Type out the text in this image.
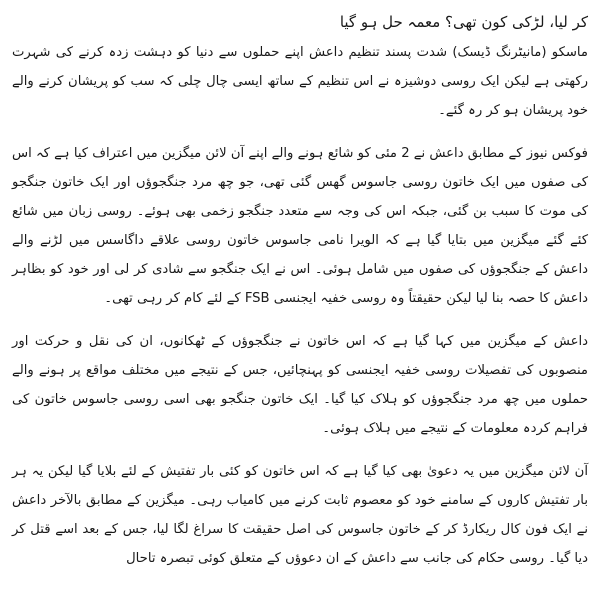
کر لیا، لڑکی کون تھی؟ معمہ حل ہو گیا

ماسکو (مانیٹرنگ ڈیسک) شدت پسند تنظیم داعش اپنے حملوں سے دنیا کو دہشت زدہ کرنے کی شہرت رکھتی ہے لیکن ایک روسی دوشیزہ نے اس تنظیم کے ساتھ ایسی چال چلی کہ سب کو پریشان کرنے والے خود پریشان ہو کر رہ گئے۔

فوکس نیوز کے مطابق داعش نے 2 مئی کو شائع ہونے والے اپنے آن لائن میگزین میں اعتراف کیا ہے کہ اس کی صفوں میں ایک خاتون روسی جاسوس گھس گئی تھی، جو چھ مرد جنگجوؤں اور ایک خاتون جنگجو کی موت کا سبب بن گئی، جبکہ اس کی وجہ سے متعدد جنگجو زخمی بھی ہوئے۔ روسی زبان میں شائع کئے گئے میگزین میں بتایا گیا ہے کہ الویرا نامی جاسوس خاتون روسی علاقے داگاسس میں لڑنے والے داعش کے جنگجوؤں کی صفوں میں شامل ہوئی۔ اس نے ایک جنگجو سے شادی کر لی اور خود کو بظاہر داعش کا حصہ بنا لیا لیکن حقیقتاً وہ روسی خفیہ ایجنسی FSB کے لئے کام کر رہی تھی۔

داعش کے میگزین میں کہا گیا ہے کہ اس خاتون نے جنگجوؤں کے ٹھکانوں، ان کی نقل و حرکت اور منصوبوں کی تفصیلات روسی خفیہ ایجنسی کو پہنچائیں، جس کے نتیجے میں مختلف مواقع پر ہونے والے حملوں میں چھ مرد جنگجوؤں کو ہلاک کیا گیا۔ ایک خاتون جنگجو بھی اسی روسی جاسوس خاتون کی فراہم کردہ معلومات کے نتیجے میں ہلاک ہوئی۔

آن لائن میگزین میں یہ دعویٰ بھی کیا گیا ہے کہ اس خاتون کو کئی بار تفتیش کے لئے بلایا گیا لیکن یہ ہر بار تفتیش کاروں کے سامنے خود کو معصوم ثابت کرنے میں کامیاب رہی۔ میگزین کے مطابق بالآخر داعش نے ایک فون کال ریکارڈ کر کے خاتون جاسوس کی اصل حقیقت کا سراغ لگا لیا، جس کے بعد اسے قتل کر دیا گیا۔ روسی حکام کی جانب سے داعش کے ان دعوؤں کے متعلق کوئی تبصرہ تاحال
